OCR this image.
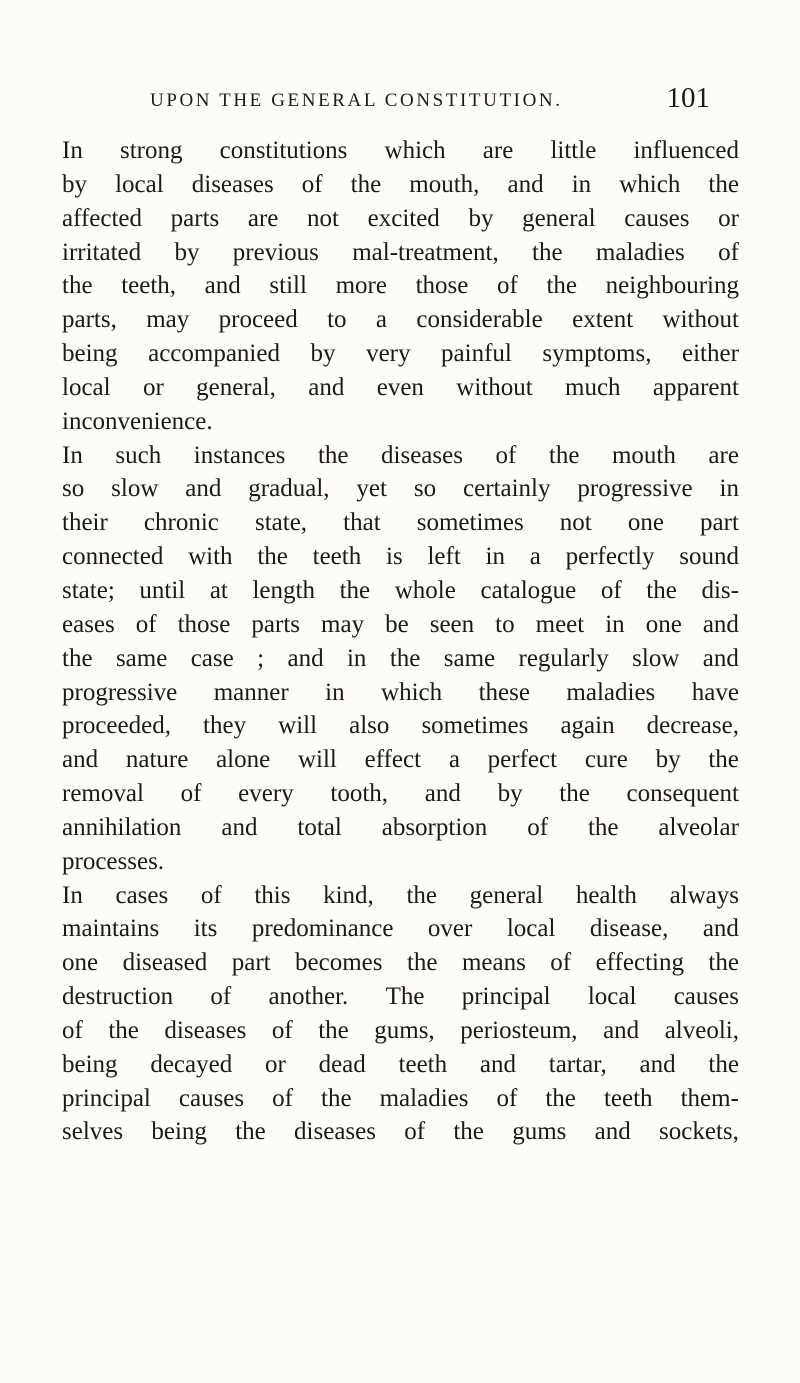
UPON THE GENERAL CONSTITUTION.	101
In strong constitutions which are little influenced
by local diseases of the mouth, and in which the
affected parts are not excited by general causes or
irritated by previous mal-treatment, the maladies of
the teeth, and still more those of the neighbouring
parts, may proceed to a considerable extent without
being accompanied by very painful symptoms, either
local or general, and even without much apparent
inconvenience.
In such instances the diseases of the mouth are
so slow and gradual, yet so certainly progressive in
their chronic state, that sometimes not one part
connected with the teeth is left in a perfectly sound
state; until at length the whole catalogue of the dis-
eases of those parts may be seen to meet in one and
the same case ; and in the same regularly slow and
progressive manner in which these maladies have
proceeded, they will also sometimes again decrease,
and nature alone will effect a perfect cure by the
removal of every tooth, and by the consequent
annihilation and total absorption of the alveolar
processes.
In cases of this kind, the general health always
maintains its predominance over local disease, and
one diseased part becomes the means of effecting the
destruction of another. The principal local causes
of the diseases of the gums, periosteum, and alveoli,
being decayed or dead teeth and tartar, and the
principal causes of the maladies of the teeth them-
selves being the diseases of the gums and sockets,
